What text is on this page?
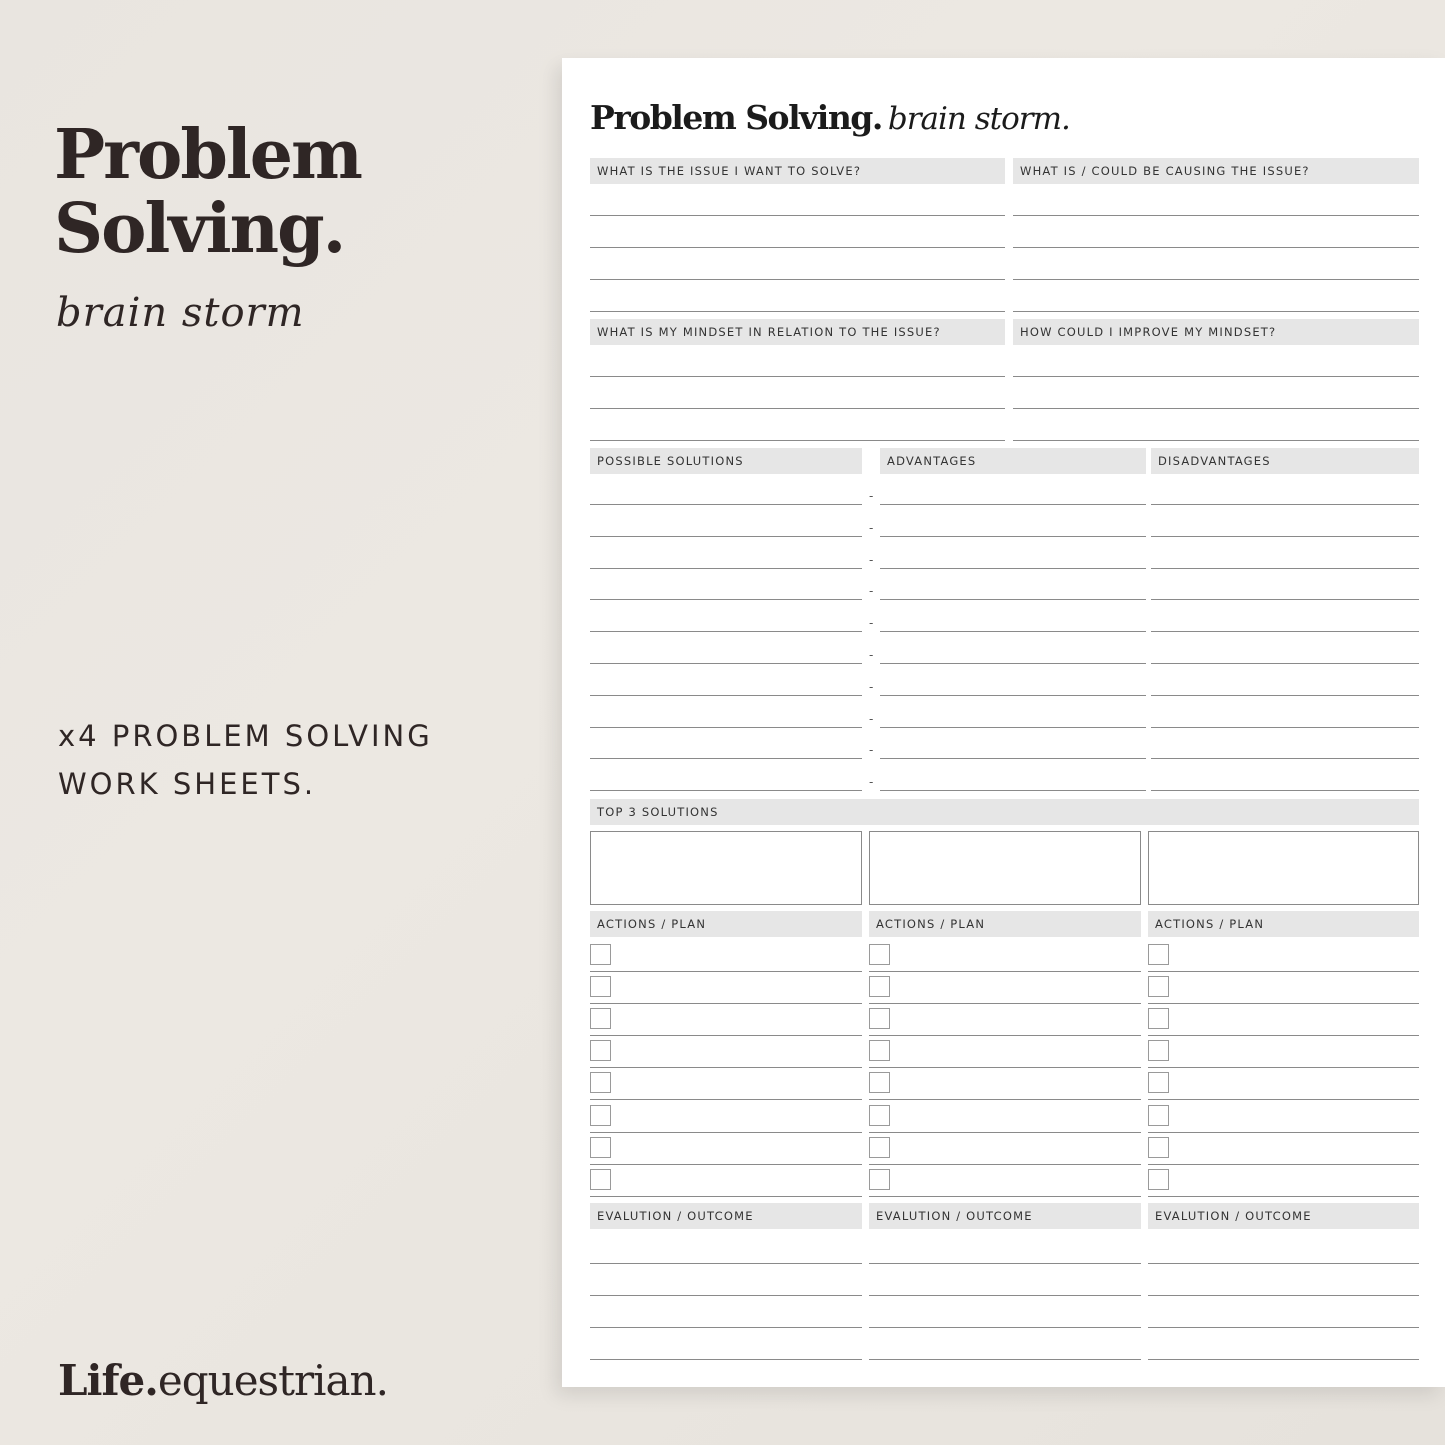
Problem
Solving.
brain storm
x4 PROBLEM SOLVING
WORK SHEETS.
Life.equestrian.
Problem Solving. brain storm.
WHAT IS THE ISSUE I WANT TO SOLVE?	WHAT IS / COULD BE CAUSING THE ISSUE?
WHAT IS MY MINDSET IN RELATION TO THE ISSUE?	HOW COULD I IMPROVE MY MINDSET?
POSSIBLE SOLUTIONS	ADVANTAGES	DISADVANTAGES
TOP 3 SOLUTIONS
ACTIONS / PLAN	ACTIONS / PLAN	ACTIONS / PLAN
EVALUTION / OUTCOME	EVALUTION / OUTCOME	EVALUTION / OUTCOME
-
-
-
-
-
-
-
-
-
-
